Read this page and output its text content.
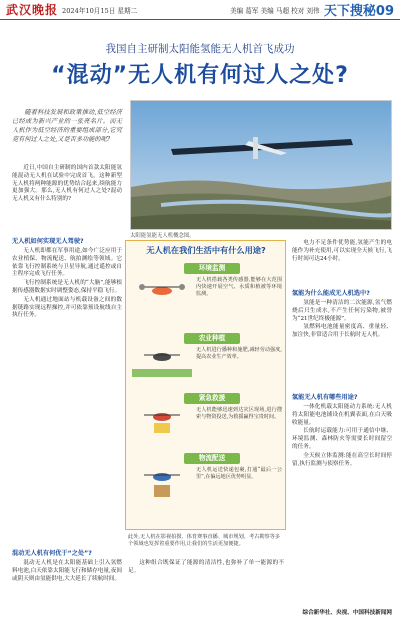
武汉晚报 2024年10月15日 星期二	美编 葛军 美编 马超 校对 刘伟 天下搜秘09
我国自主研制太阳能氢能无人机首飞成功
“混动”无人机有何过人之处?
随着科技发展和政策推动,低空经济已经成为新兴产业的一张亮名片。而无人机作为低空经济的重要组成部分,它究竟有何过人之处,又是否多功能的呢?
太阳能氢能无人机概念图。

近日,中国自主研制的国内首款太阳能氢能混动无人机在试验中完成首飞。这种新型无人机将两种能源的优势结合起来,续航能力更加强大。那么,无人机有何过人之处?混动无人机又有什么特别的?

无人机如何实现无人驾驶?

无人机即都在军事用途,如今广泛应用于农业植保、物流配送、航拍测绘等领域。它依靠飞行控制系统与卫星导航,通过遥控或自主程序完成飞行任务。

飞行控制系统是无人机的“大脑”,能够根据传感器数据实时调整姿态,保持平稳飞行。

无人机通过地面站与机载设备之间的数据链路实现远程操控,并可依靠预设航线自主执行任务。

无人机在我们生活中有什么用途?
环境监测
无人机搭载各类传感器,能够在大范围内快速开展空气、水质和植被等环境监测。
农业种植
无人机进行播种和施肥,减轻劳动强度,提高农业生产效率。
紧急救援
无人机能够迅速到达灾区现场,进行搜索与物资投送,为救援赢得宝贵时间。
物流配送
无人机运送快递包裹,打通“最后一公里”,在偏远地区优势明显。
此外,无人机在影视拍摄、体育赛事直播、城市规划、考古勘察等多个领域也发挥着重要作用,让我们的生活更加便捷。
混动无人机有何优于“之处”?

混动无人机是在太阳能基础上引入氢燃料电池,白天依靠太阳能飞行和储存电量,夜间或阴天则由氢能供电,大大延长了续航时间。

这种组合既保证了能源的清洁性,也弥补了单一能源的不足。

电力不足条件优势能,氢能产生的电能作为补充使用,可以实现全天候飞行,飞行时间可达24小时。

氢能为什么能成无人机选中?

氢能是一种清洁的二次能源,氢气燃烧后只生成水,不产生任何污染物,被誉为“21世纪终极能源”。

氢燃料电池能量密度高、重量轻、加注快,非常适合用于长航时无人机。

氢能无人机有哪些用途?

一体化机载太阳能动力系统:无人机将太阳能电池铺设在机翼表面,在白天吸收能量。

长航时运载能力:可用于通信中继、环境监测、森林防火等需要长时间留空的任务。

全天候立体监测:能在高空长时间停留,执行监测与侦察任务。

综合新华社、央视、中国科技新闻网
